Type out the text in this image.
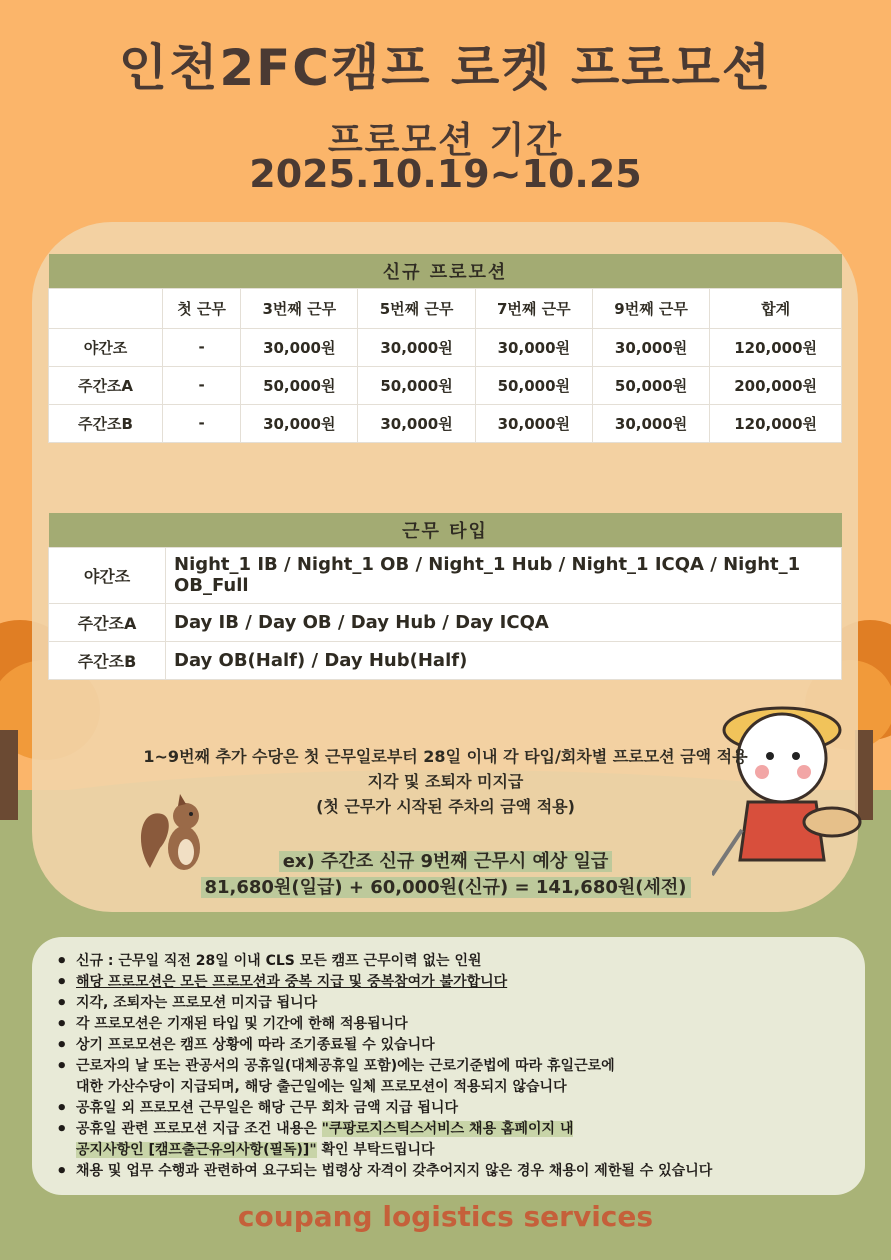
인천2FC캠프 로켓 프로모션
프로모션 기간
2025.10.19~10.25
신규 프로모션						
	첫 근무	3번째 근무	5번째 근무	7번째 근무	9번째 근무	합계
야간조	-	30,000원	30,000원	30,000원	30,000원	120,000원
주간조A	-	50,000원	50,000원	50,000원	50,000원	200,000원
주간조B	-	30,000원	30,000원	30,000원	30,000원	120,000원
근무 타입	
야간조	Night_1 IB / Night_1 OB / Night_1 Hub / Night_1 ICQA / Night_1 OB_Full
주간조A	Day IB / Day OB / Day Hub / Day ICQA
주간조B	Day OB(Half) / Day Hub(Half)
1~9번째 추가 수당은 첫 근무일로부터 28일 이내 각 타입/회차별 프로모션 금액 적용
지각 및 조퇴자 미지급
(첫 근무가 시작된 주차의 금액 적용)
ex) 주간조 신규 9번째 근무시 예상 일급
81,680원(일급) + 60,000원(신규) = 141,680원(세전)
• 신규 : 근무일 직전 28일 이내 CLS 모든 캠프 근무이력 없는 인원
• 해당 프로모션은 모든 프로모션과 중복 지급 및 중복참여가 불가합니다
• 지각, 조퇴자는 프로모션 미지급 됩니다
• 각 프로모션은 기재된 타입 및 기간에 한해 적용됩니다
• 상기 프로모션은 캠프 상황에 따라 조기종료될 수 있습니다
• 근로자의 날 또는 관공서의 공휴일(대체공휴일 포함)에는 근로기준법에 따라 휴일근로에
대한 가산수당이 지급되며, 해당 출근일에는 일체 프로모션이 적용되지 않습니다
• 공휴일 외 프로모션 근무일은 해당 근무 회차 금액 지급 됩니다
• 공휴일 관련 프로모션 지급 조건 내용은 "쿠팡로지스틱스서비스 채용 홈페이지 내
공지사항인 [캠프출근유의사항(필독)]" 확인 부탁드립니다
• 채용 및 업무 수행과 관련하여 요구되는 법령상 자격이 갖추어지지 않은 경우 채용이 제한될 수 있습니다
coupang logistics services
